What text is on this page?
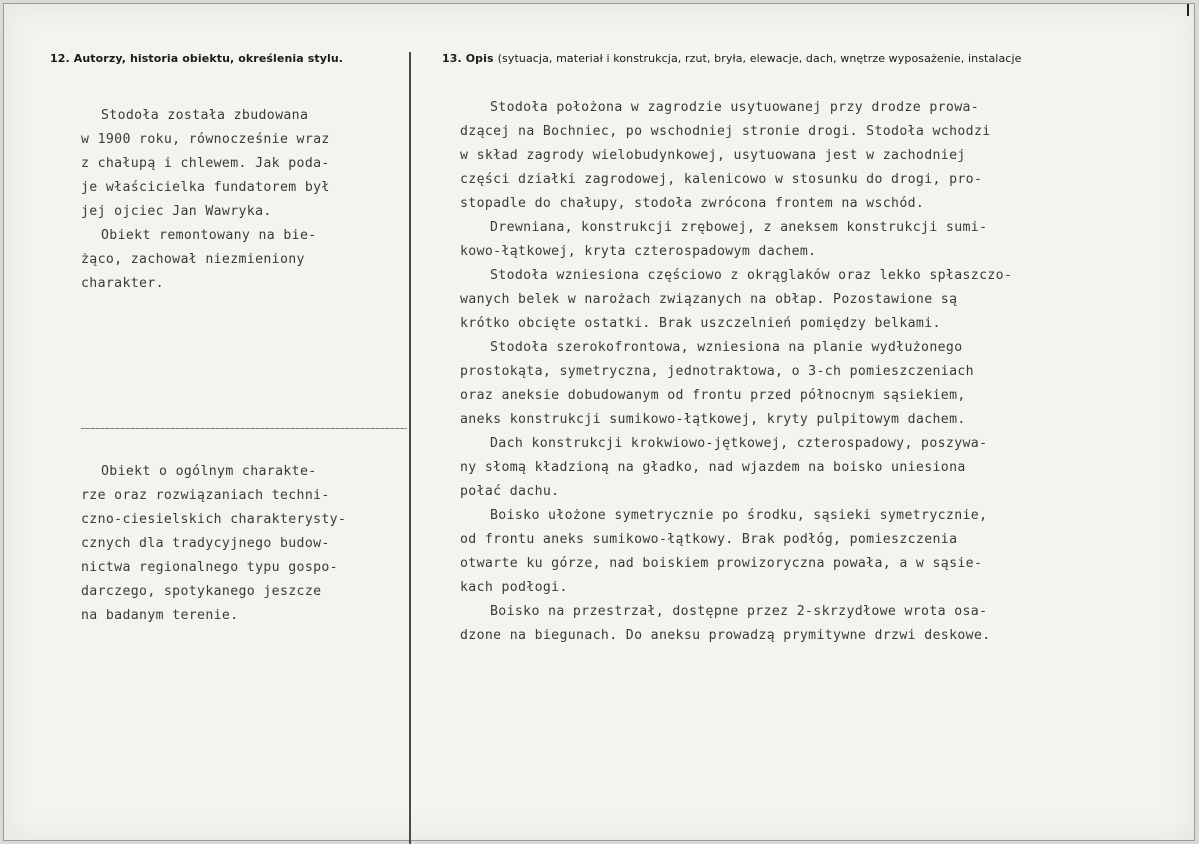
12. Autorzy, historia obiektu, określenia stylu.	13. Opis (sytuacja, materiał i konstrukcja, rzut, bryła, elewacje, dach, wnętrze wyposażenie, instalacje
Stodoła została zbudowana
w 1900 roku, równocześnie wraz
z chałupą i chlewem. Jak poda-
je właścicielka fundatorem był
jej ojciec Jan Wawryka.
Obiekt remontowany na bie-
żąco, zachował niezmieniony
charakter.
Obiekt o ogólnym charakte-
rze oraz rozwiązaniach techni-
czno-ciesielskich charakterysty-
cznych dla tradycyjnego budow-
nictwa regionalnego typu gospo-
darczego, spotykanego jeszcze
na badanym terenie.
Stodoła położona w zagrodzie usytuowanej przy drodze prowa-
dzącej na Bochniec, po wschodniej stronie drogi. Stodoła wchodzi
w skład zagrody wielobudynkowej, usytuowana jest w zachodniej
części działki zagrodowej, kalenicowo w stosunku do drogi, pro-
stopadle do chałupy, stodoła zwrócona frontem na wschód.
Drewniana, konstrukcji zrębowej, z aneksem konstrukcji sumi-
kowo-łątkowej, kryta czterospadowym dachem.
Stodoła wzniesiona częściowo z okrąglaków oraz lekko spłaszczo-
wanych belek w narożach związanych na obłap. Pozostawione są
krótko obcięte ostatki. Brak uszczelnień pomiędzy belkami.
Stodoła szerokofrontowa, wzniesiona na planie wydłużonego
prostokąta, symetryczna, jednotraktowa, o 3-ch pomieszczeniach
oraz aneksie dobudowanym od frontu przed północnym sąsiekiem,
aneks konstrukcji sumikowo-łątkowej, kryty pulpitowym dachem.
Dach konstrukcji krokwiowo-jętkowej, czterospadowy, poszywa-
ny słomą kładzioną na gładko, nad wjazdem na boisko uniesiona
połać dachu.
Boisko ułożone symetrycznie po środku, sąsieki symetrycznie,
od frontu aneks sumikowo-łątkowy. Brak podłóg, pomieszczenia
otwarte ku górze, nad boiskiem prowizoryczna powała, a w sąsie-
kach podłogi.
Boisko na przestrzał, dostępne przez 2-skrzydłowe wrota osa-
dzone na biegunach. Do aneksu prowadzą prymitywne drzwi deskowe.
